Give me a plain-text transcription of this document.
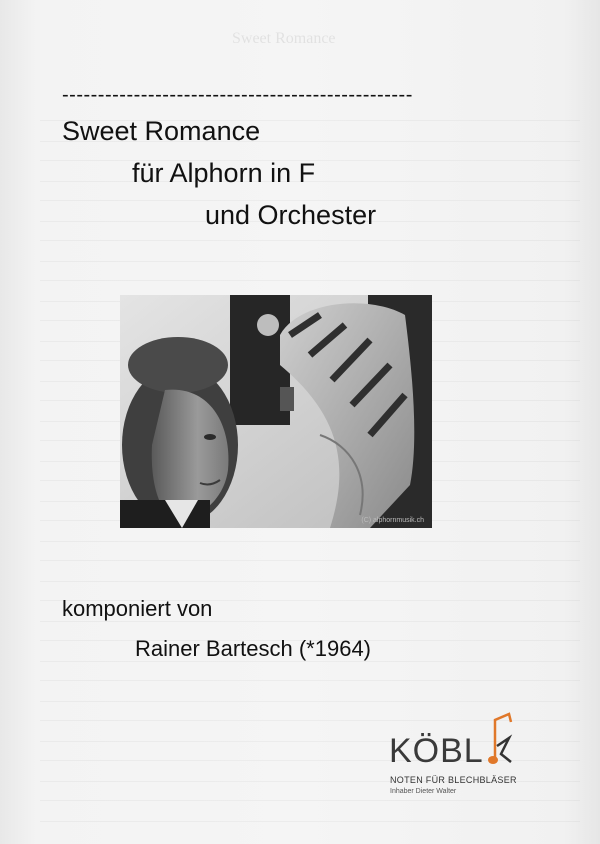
Sweet Romance
-------------------------------------------------
Sweet Romance
für Alphorn in F
und Orchester
(C) alphornmusik.ch
komponiert von
Rainer Bartesch (*1964)
KÖBL
NOTEN FÜR BLECHBLÄSER
Inhaber Dieter Walter
